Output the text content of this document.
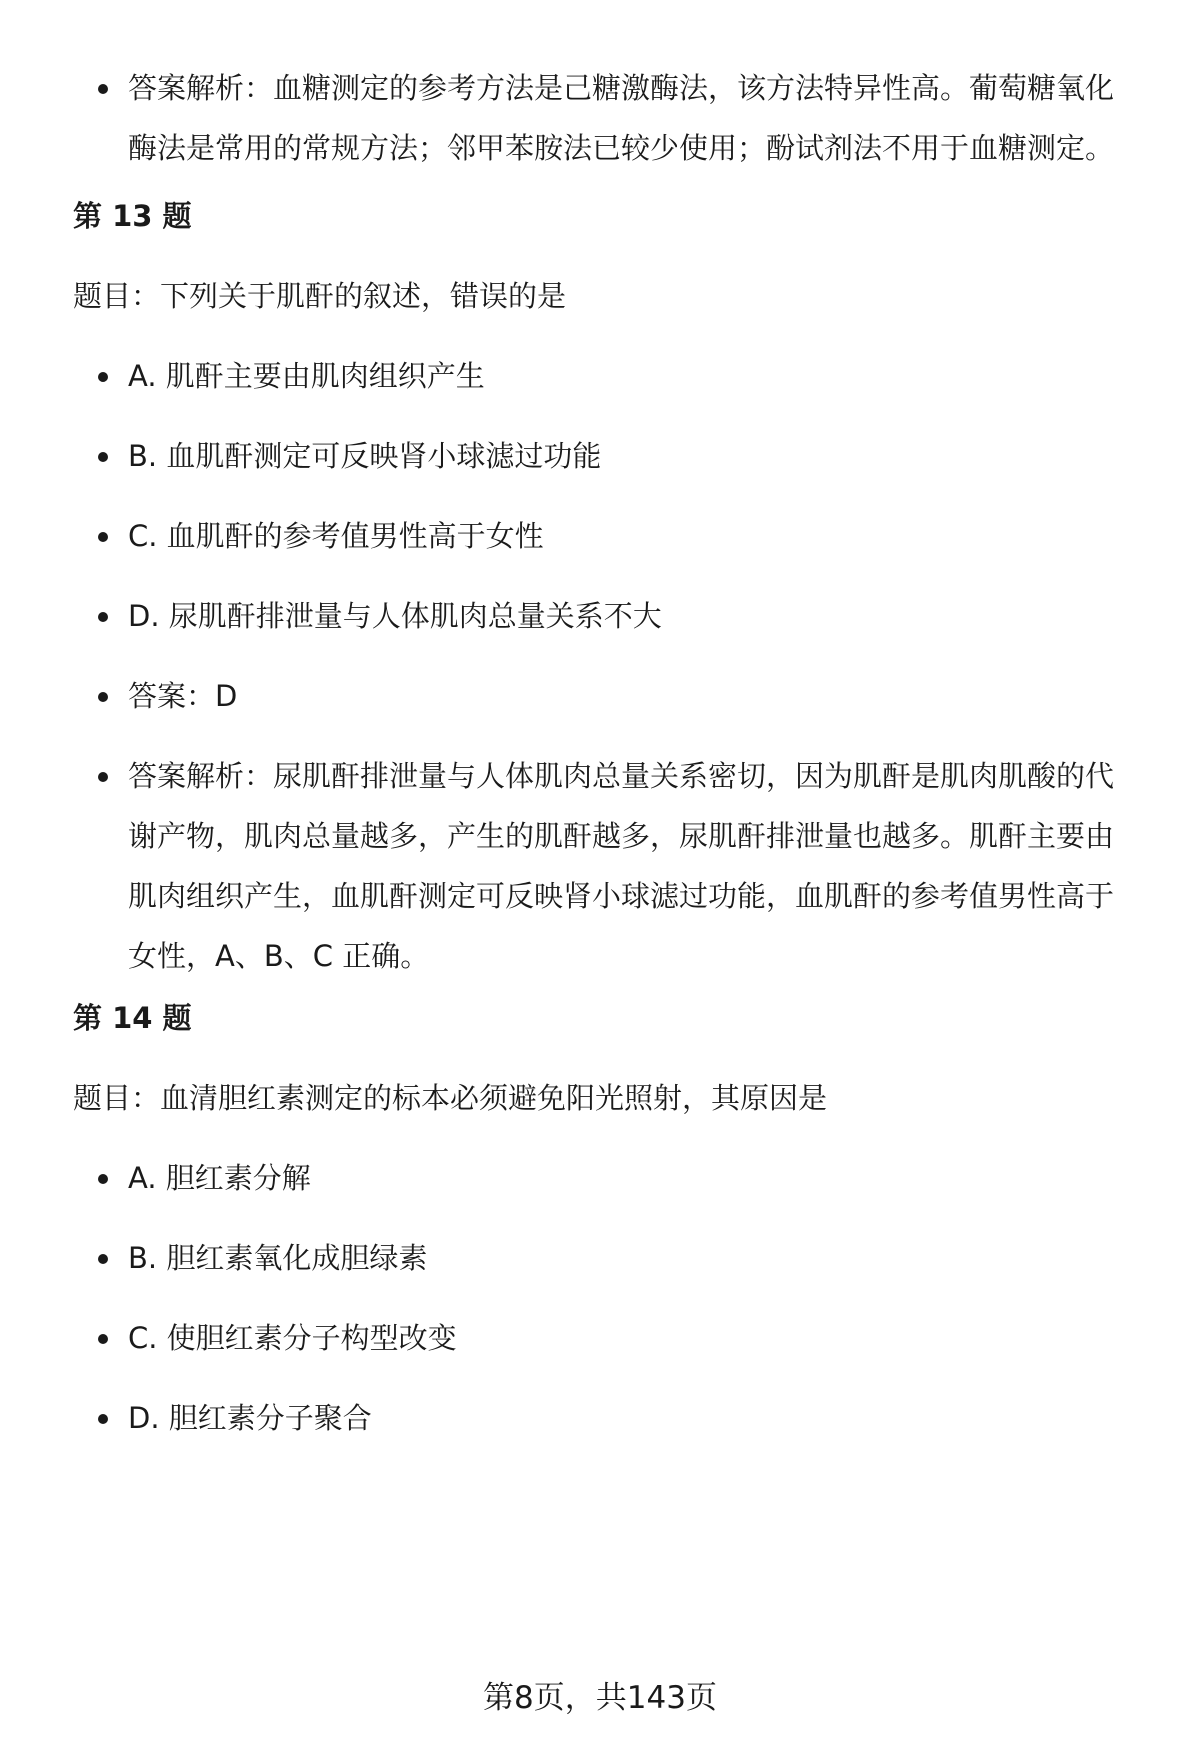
答案解析：血糖测定的参考方法是己糖激酶法，该方法特异性高。葡萄糖氧化酶法是常用的常规方法；邻甲苯胺法已较少使用；酚试剂法不用于血糖测定。
第 13 题
题目：下列关于肌酐的叙述，错误的是
A. 肌酐主要由肌肉组织产生
B. 血肌酐测定可反映肾小球滤过功能
C. 血肌酐的参考值男性高于女性
D. 尿肌酐排泄量与人体肌肉总量关系不大
答案：D
答案解析：尿肌酐排泄量与人体肌肉总量关系密切，因为肌酐是肌肉肌酸的代谢产物，肌肉总量越多，产生的肌酐越多，尿肌酐排泄量也越多。肌酐主要由肌肉组织产生，血肌酐测定可反映肾小球滤过功能，血肌酐的参考值男性高于女性，A、B、C 正确。
第 14 题
题目：血清胆红素测定的标本必须避免阳光照射，其原因是
A. 胆红素分解
B. 胆红素氧化成胆绿素
C. 使胆红素分子构型改变
D. 胆红素分子聚合
第8页，共143页
